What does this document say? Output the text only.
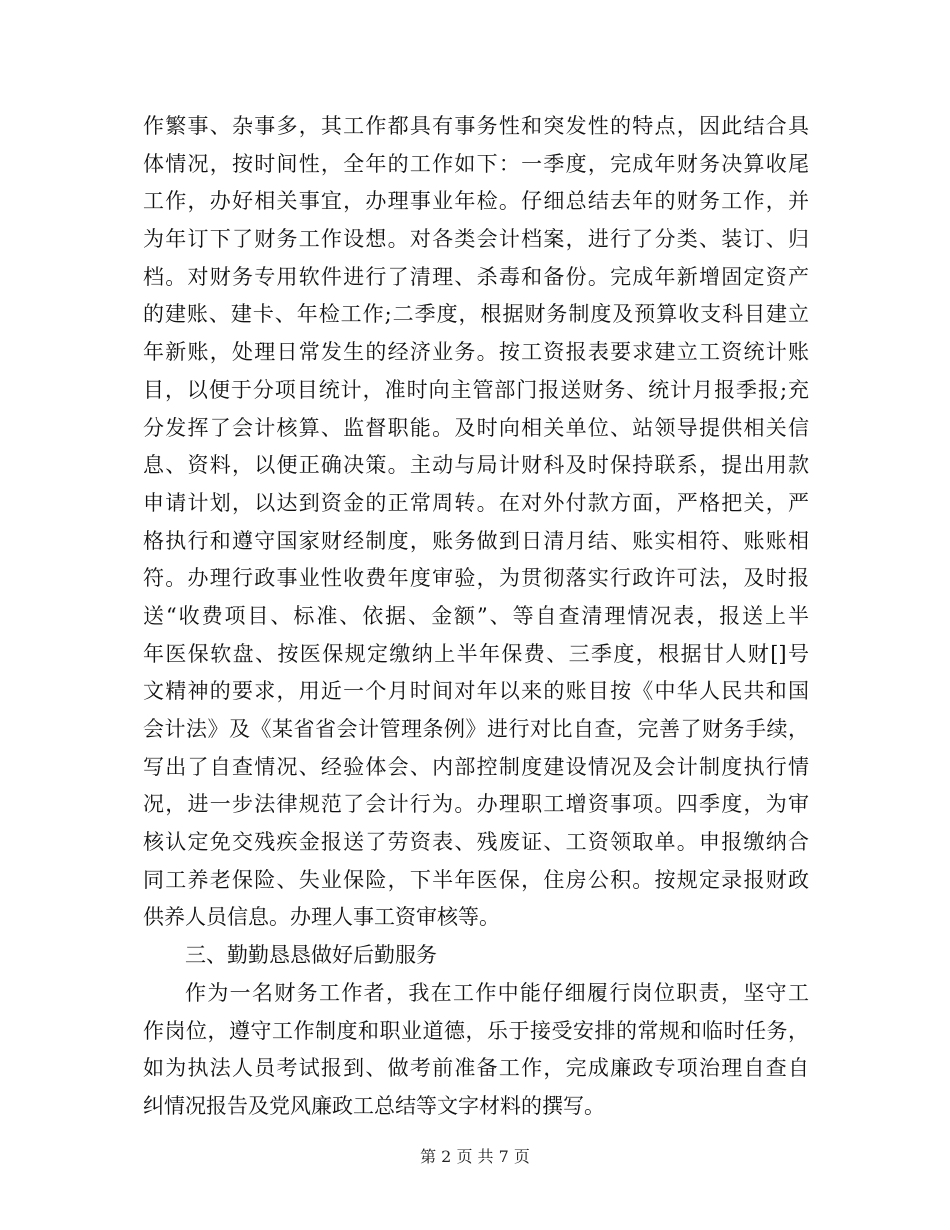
作繁事、杂事多，其工作都具有事务性和突发性的特点，因此结合具
体情况，按时间性，全年的工作如下：一季度，完成年财务决算收尾
工作，办好相关事宜，办理事业年检。仔细总结去年的财务工作，并
为年订下了财务工作设想。对各类会计档案，进行了分类、装订、归
档。对财务专用软件进行了清理、杀毒和备份。完成年新增固定资产
的建账、建卡、年检工作;二季度，根据财务制度及预算收支科目建立
年新账，处理日常发生的经济业务。按工资报表要求建立工资统计账
目，以便于分项目统计，准时向主管部门报送财务、统计月报季报;充
分发挥了会计核算、监督职能。及时向相关单位、站领导提供相关信
息、资料，以便正确决策。主动与局计财科及时保持联系，提出用款
申请计划，以达到资金的正常周转。在对外付款方面，严格把关，严
格执行和遵守国家财经制度，账务做到日清月结、账实相符、账账相
符。办理行政事业性收费年度审验，为贯彻落实行政许可法，及时报
送“收费项目、标准、依据、金额”、等自查清理情况表，报送上半
年医保软盘、按医保规定缴纳上半年保费、三季度，根据甘人财[]号
文精神的要求，用近一个月时间对年以来的账目按《中华人民共和国
会计法》及《某省省会计管理条例》进行对比自查，完善了财务手续，
写出了自查情况、经验体会、内部控制度建设情况及会计制度执行情
况，进一步法律规范了会计行为。办理职工增资事项。四季度，为审
核认定免交残疾金报送了劳资表、残废证、工资领取单。申报缴纳合
同工养老保险、失业保险，下半年医保，住房公积。按规定录报财政
供养人员信息。办理人事工资审核等。
三、勤勤恳恳做好后勤服务
作为一名财务工作者，我在工作中能仔细履行岗位职责，坚守工
作岗位，遵守工作制度和职业道德，乐于接受安排的常规和临时任务，
如为执法人员考试报到、做考前准备工作，完成廉政专项治理自查自
纠情况报告及党风廉政工总结等文字材料的撰写。
第 2 页 共 7 页
